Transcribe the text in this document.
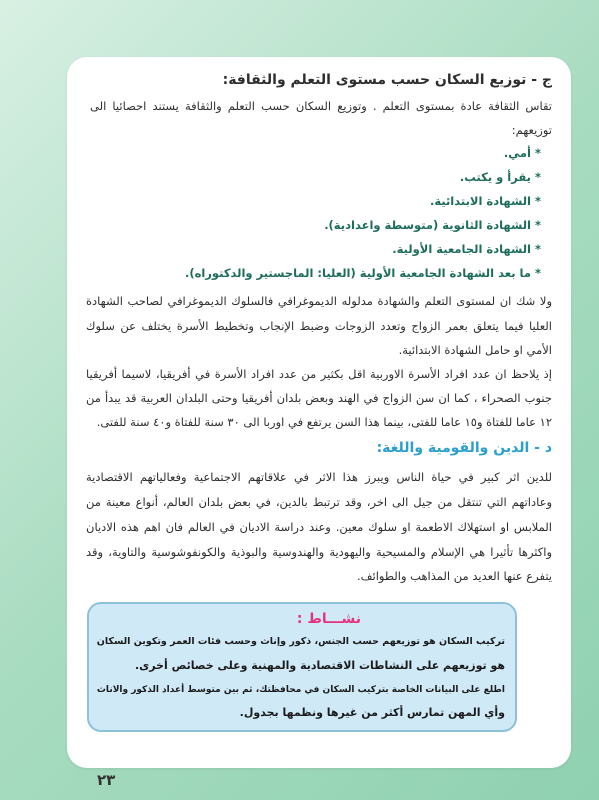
ج - توزيع السكان حسب مستوى التعلم والثقافة:
تقاس الثقافة عادة بمستوى التعلم . وتوزيع السكان حسب التعلم والثقافة يستند احصائيا الى
توزيعهم:
* أمي.
* يقرأ و يكتب.
* الشهادة الابتدائية.
* الشهادة الثانوية (متوسطة واعدادية).
* الشهادة الجامعية الأولية.
* ما بعد الشهادة الجامعية الأولية (العليا: الماجستير والدكتوراه).
ولا شك ان لمستوى التعلم والشهادة مدلوله الديموغرافي فالسلوك الديموغرافي لصاحب الشهادة
العليا فيما يتعلق بعمر الزواج وتعدد الزوجات وضبط الإنجاب وتخطيط الأسرة يختلف عن سلوك
الأمي او حامل الشهادة الابتدائية.
إذ يلاحظ ان عدد افراد الأسرة الاوربية اقل بكثير من عدد افراد الأسرة في أفريقيا، لاسيما أفريقيا
جنوب الصحراء ، كما ان سن الزواج في الهند وبعض بلدان أفريقيا وحتى البلدان العربية قد يبدأ من
١٢ عاما للفتاة و١٥ عاما للفتى، بينما هذا السن يرتفع في اوربا الى ٣٠ سنة للفتاة و٤٠ سنة للفتى.
د - الدين والقومية واللغة:
للدين اثر كبير في حياة الناس ويبرز هذا الاثر في علاقاتهم الاجتماعية وفعالياتهم الاقتصادية
وعاداتهم التي تنتقل من جيل الى اخر، وقد ترتبط بالدين، في بعض بلدان العالم، أنواع معينة من
الملابس او استهلاك الاطعمة او سلوك معين. وعند دراسة الاديان في العالم فان اهم هذه الاديان
واكثرها تأثيرا هي الإسلام والمسيحية واليهودية والهندوسية والبوذية والكونفوشوسية والتاوية، وقد
يتفرع عنها العديد من المذاهب والطوائف.
نشـــاط :
تركيب السكان هو توزيعهم حسب الجنس، ذكور وإناث وحسب فئات العمر وتكوين السكان
هو توزيعهم على النشاطات الاقتصادية والمهنية وعلى خصائص أخرى.
اطلع على البيانات الخاصة بتركيب السكان في محافظتك، ثم بين متوسط أعداد الذكور والاناث
وأي المهن تمارس أكثر من غيرها ونظمها بجدول.
٢٣
